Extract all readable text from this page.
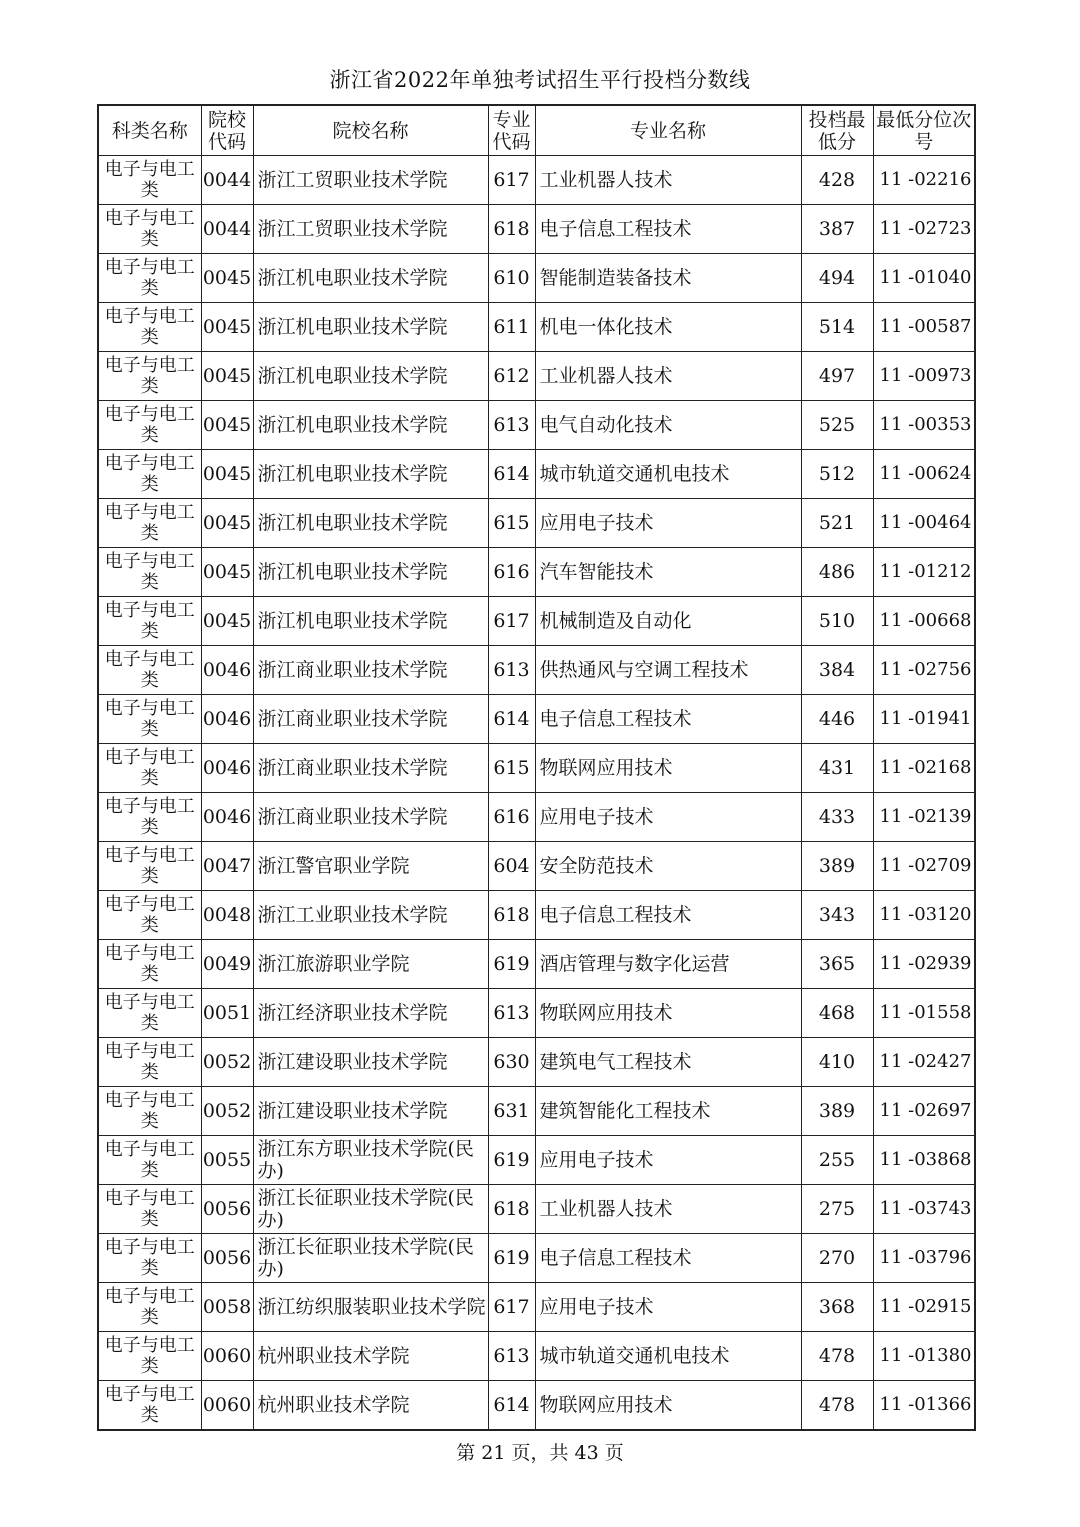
浙江省2022年单独考试招生平行投档分数线
科类名称	院校代码	院校名称	专业代码	专业名称	投档最低分	最低分位次号
电子与电工类	0044	浙江工贸职业技术学院	617	工业机器人技术	428	11 -02216
电子与电工类	0044	浙江工贸职业技术学院	618	电子信息工程技术	387	11 -02723
电子与电工类	0045	浙江机电职业技术学院	610	智能制造装备技术	494	11 -01040
电子与电工类	0045	浙江机电职业技术学院	611	机电一体化技术	514	11 -00587
电子与电工类	0045	浙江机电职业技术学院	612	工业机器人技术	497	11 -00973
电子与电工类	0045	浙江机电职业技术学院	613	电气自动化技术	525	11 -00353
电子与电工类	0045	浙江机电职业技术学院	614	城市轨道交通机电技术	512	11 -00624
电子与电工类	0045	浙江机电职业技术学院	615	应用电子技术	521	11 -00464
电子与电工类	0045	浙江机电职业技术学院	616	汽车智能技术	486	11 -01212
电子与电工类	0045	浙江机电职业技术学院	617	机械制造及自动化	510	11 -00668
电子与电工类	0046	浙江商业职业技术学院	613	供热通风与空调工程技术	384	11 -02756
电子与电工类	0046	浙江商业职业技术学院	614	电子信息工程技术	446	11 -01941
电子与电工类	0046	浙江商业职业技术学院	615	物联网应用技术	431	11 -02168
电子与电工类	0046	浙江商业职业技术学院	616	应用电子技术	433	11 -02139
电子与电工类	0047	浙江警官职业学院	604	安全防范技术	389	11 -02709
电子与电工类	0048	浙江工业职业技术学院	618	电子信息工程技术	343	11 -03120
电子与电工类	0049	浙江旅游职业学院	619	酒店管理与数字化运营	365	11 -02939
电子与电工类	0051	浙江经济职业技术学院	613	物联网应用技术	468	11 -01558
电子与电工类	0052	浙江建设职业技术学院	630	建筑电气工程技术	410	11 -02427
电子与电工类	0052	浙江建设职业技术学院	631	建筑智能化工程技术	389	11 -02697
电子与电工类	0055	浙江东方职业技术学院(民办)	619	应用电子技术	255	11 -03868
电子与电工类	0056	浙江长征职业技术学院(民办)	618	工业机器人技术	275	11 -03743
电子与电工类	0056	浙江长征职业技术学院(民办)	619	电子信息工程技术	270	11 -03796
电子与电工类	0058	浙江纺织服装职业技术学院	617	应用电子技术	368	11 -02915
电子与电工类	0060	杭州职业技术学院	613	城市轨道交通机电技术	478	11 -01380
电子与电工类	0060	杭州职业技术学院	614	物联网应用技术	478	11 -01366
第 21 页，共 43 页
